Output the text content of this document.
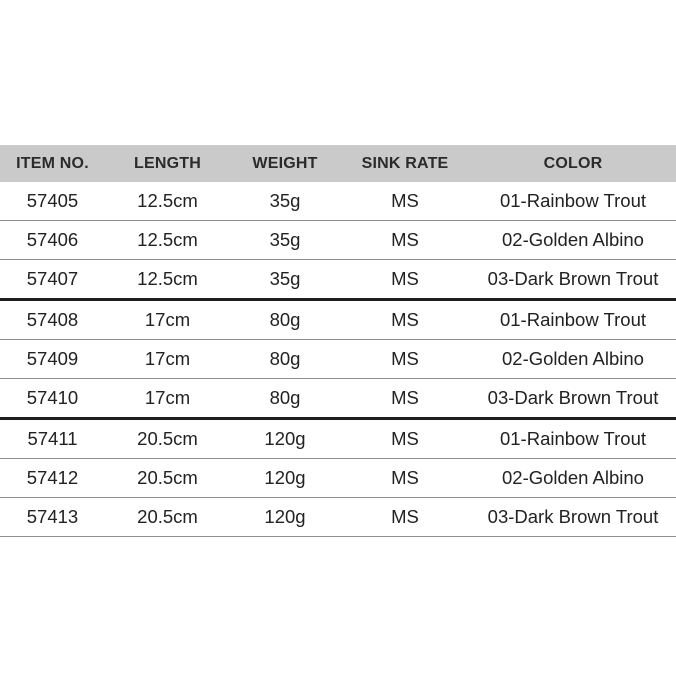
ITEM NO.	LENGTH	WEIGHT	SINK RATE	COLOR
57405	12.5cm	35g	MS	01-Rainbow Trout
57406	12.5cm	35g	MS	02-Golden Albino
57407	12.5cm	35g	MS	03-Dark Brown Trout
57408	17cm	80g	MS	01-Rainbow Trout
57409	17cm	80g	MS	02-Golden Albino
57410	17cm	80g	MS	03-Dark Brown Trout
57411	20.5cm	120g	MS	01-Rainbow Trout
57412	20.5cm	120g	MS	02-Golden Albino
57413	20.5cm	120g	MS	03-Dark Brown Trout
